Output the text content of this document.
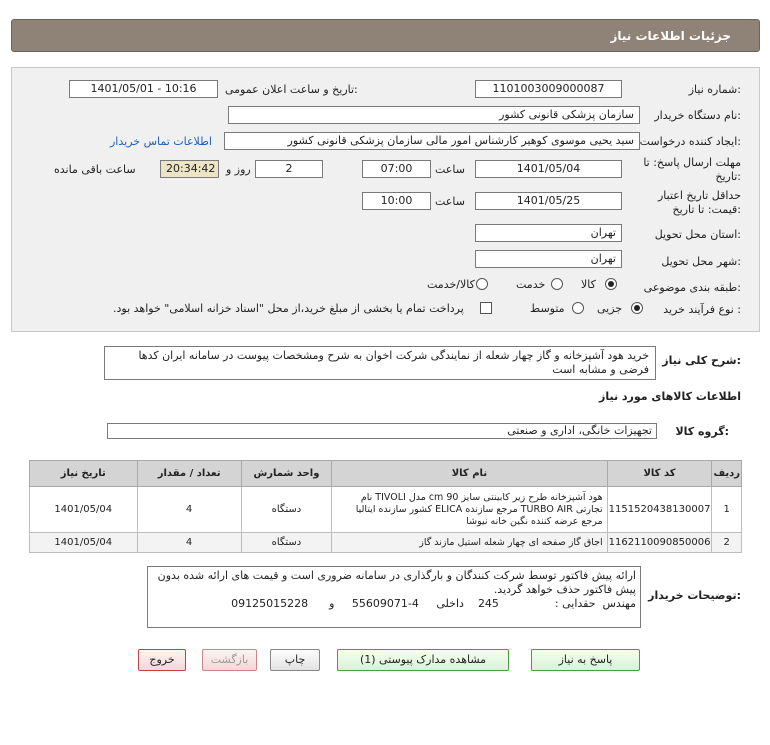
جزئیات اطلاعات نیاز
شماره نیاز:
1101003009000087
تاریخ و ساعت اعلان عمومی:
1401/05/01 - 10:16
نام دستگاه خریدار:
سازمان پزشکی قانونی کشور
ایجاد کننده درخواست:
سید یحیی موسوی کوهیر کارشناس امور مالی سازمان پزشکی قانونی کشور
اطلاعات تماس خریدار
مهلت ارسال پاسخ: تا
تاریخ:
1401/05/04
ساعت
07:00
2
روز و
20:34:42
ساعت باقی مانده
حداقل تاریخ اعتبار
قیمت: تا تاریخ:
1401/05/25
ساعت
10:00
استان محل تحویل:
تهران
شهر محل تحویل:
تهران
طبقه بندی موضوعی:
کالا
خدمت
کالا/خدمت
نوع فرآیند خرید :
جزیی
متوسط
پرداخت تمام یا بخشی از مبلغ خرید،از محل "اسناد خزانه اسلامی" خواهد بود.
شرح کلی نیاز:
خرید هود آشپزخانه و گاز چهار شعله از نمایندگی شرکت اخوان به شرح ومشخصات پیوست در سامانه ایران کدها فرضی و مشابه است
اطلاعات کالاهای مورد نیاز
گروه کالا:
تجهیزات خانگی، اداری و صنعتی
ردیف	کد کالا	نام کالا	واحد شمارش	تعداد / مقدار	تاریخ نیاز
1	1151520438130007	هود آشپزخانه طرح زیر کابینتی سایز cm 90 مدل TIVOLI نام تجارتی TURBO AIR مرجع سازنده ELICA کشور سازنده ایتالیا مرجع عرضه کننده نگین خانه نیوشا	دستگاه	4	1401/05/04
2	1162110090850006	اجاق گاز صفحه ای چهار شعله استیل مازند گاز	دستگاه	4	1401/05/04
توضیحات خریدار:
ارائه پیش فاکتور توسط شرکت کنندگان و بارگذاری در سامانه ضروری است و قیمت های ارائه شده بدون پیش فاکتور حذف خواهد گردید.
مهندس  حقدایی :                245    داخلی     4-55609071     و      09125015228
پاسخ به نیاز
مشاهده مدارک پیوستی (1)
چاپ
بازگشت
خروج
